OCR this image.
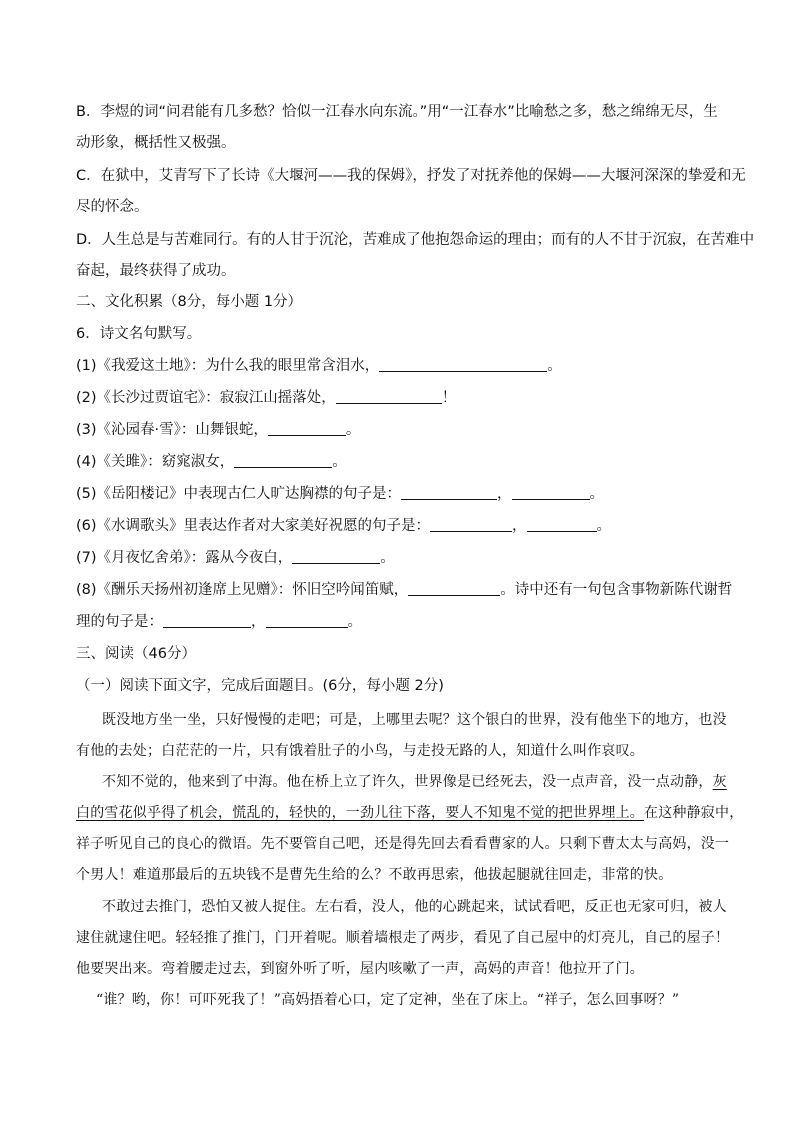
B．李煜的词“问君能有几多愁？恰似一江春水向东流。”用“一江春水”比喻愁之多，愁之绵绵无尽，生
动形象，概括性又极强。
C．在狱中，艾青写下了长诗《大堰河——我的保姆》，抒发了对抚养他的保姆——大堰河深深的挚爱和无
尽的怀念。
D．人生总是与苦难同行。有的人甘于沉沦，苦难成了他抱怨命运的理由；而有的人不甘于沉寂，在苦难中
奋起，最终获得了成功。
二、文化积累（8分，每小题 1分）
6．诗文名句默写。
(1)《我爱这土地》：为什么我的眼里常含泪水，	。
(2)《长沙过贾谊宅》：寂寂江山摇落处，	！
(3)《沁园春·雪》：山舞银蛇，	。
(4)《关雎》：窈窕淑女，	。
(5)《岳阳楼记》中表现古仁人旷达胸襟的句子是：	，	。
(6)《水调歌头》里表达作者对大家美好祝愿的句子是：	，	。
(7)《月夜忆舍弟》：露从今夜白，	。
(8)《酬乐天扬州初逢席上见赠》：怀旧空吟闻笛赋，	。诗中还有一句包含事物新陈代谢哲
理的句子是：	，	。
三、阅读（46分）
（一）阅读下面文字，完成后面题目。(6分，每小题 2分)
既没地方坐一坐，只好慢慢的走吧；可是，上哪里去呢？这个银白的世界，没有他坐下的地方，也没
有他的去处；白茫茫的一片，只有饿着肚子的小鸟，与走投无路的人，知道什么叫作哀叹。
不知不觉的，他来到了中海。他在桥上立了许久，世界像是已经死去，没一点声音，没一点动静，灰
白的雪花似乎得了机会，慌乱的，轻快的，一劲儿往下落，要人不知鬼不觉的把世界埋上。在这种静寂中，
祥子听见自己的良心的微语。先不要管自己吧，还是得先回去看看曹家的人。只剩下曹太太与高妈，没一
个男人！难道那最后的五块钱不是曹先生给的么？不敢再思索，他拔起腿就往回走，非常的快。
不敢过去推门，恐怕又被人捉住。左右看，没人，他的心跳起来，试试看吧，反正也无家可归，被人
逮住就逮住吧。轻轻推了推门，门开着呢。顺着墙根走了两步，看见了自己屋中的灯亮儿，自己的屋子！
他要哭出来。弯着腰走过去，到窗外听了听，屋内咳嗽了一声，高妈的声音！他拉开了门。
“谁？哟，你！可吓死我了！”高妈捂着心口，定了定神，坐在了床上。“祥子，怎么回事呀？”
